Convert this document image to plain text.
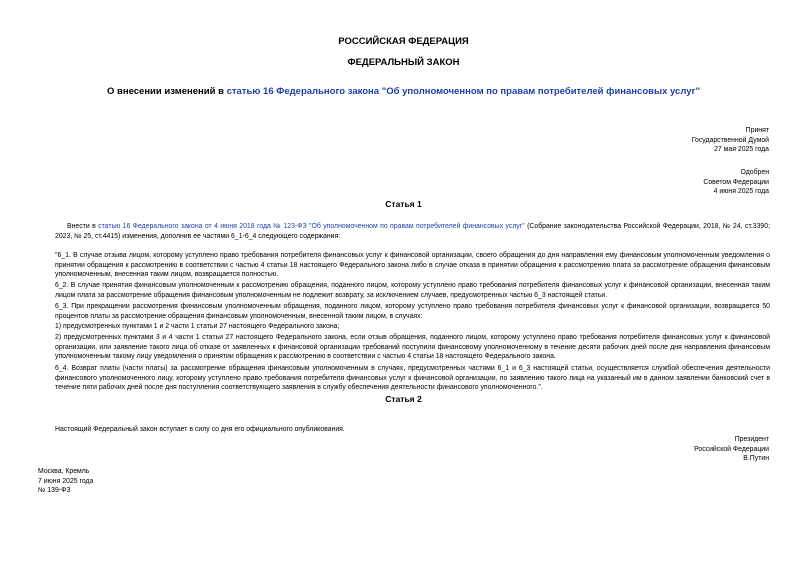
РОССИЙСКАЯ ФЕДЕРАЦИЯ
ФЕДЕРАЛЬНЫЙ ЗАКОН
О внесении изменений в статью 16 Федерального закона "Об уполномоченном по правам потребителей финансовых услуг"
Принят
Государственной Думой
27 мая 2025 года
Одобрен
Советом Федерации
4 июня 2025 года
Статья 1
Внести в статью 16 Федерального закона от 4 июня 2018 года № 123-ФЗ "Об уполномоченном по правам потребителей финансовых услуг" (Собрание законодательства Российской Федерации, 2018, № 24, ст.3390; 2023, № 25, ст.4415) изменения, дополнив ее частями 6_1-6_4 следующего содержания:
"6_1. В случае отзыва лицом, которому уступлено право требования потребителя финансовых услуг к финансовой организации, своего обращения до дня направления ему финансовым уполномоченным уведомления о принятии обращения к рассмотрению в соответствии с частью 4 статьи 18 настоящего Федерального закона либо в случае отказа в принятии обращения к рассмотрению плата за рассмотрение обращения финансовым уполномоченным, внесенная таким лицом, возвращается полностью.
6_2. В случае принятия финансовым уполномоченным к рассмотрению обращения, поданного лицом, которому уступлено право требования потребителя финансовых услуг к финансовой организации, внесенная таким лицом плата за рассмотрение обращения финансовым уполномоченным не подлежит возврату, за исключением случаев, предусмотренных частью 6_3 настоящей статьи.
6_3. При прекращении рассмотрения финансовым уполномоченным обращения, поданного лицом, которому уступлено право требования потребителя финансовых услуг к финансовой организации, возвращается 50 процентов платы за рассмотрение обращения финансовым уполномоченным, внесенной таким лицом, в случаях:
1) предусмотренных пунктами 1 и 2 части 1 статьи 27 настоящего Федерального закона;
2) предусмотренных пунктами 3 и 4 части 1 статьи 27 настоящего Федерального закона, если отзыв обращения, поданного лицом, которому уступлено право требования потребителя финансовых услуг к финансовой организации, или заявление такого лица об отказе от заявленных к финансовой организации требований поступили финансовому уполномоченному в течение десяти рабочих дней после дня направления финансовым уполномоченным такому лицу уведомления о принятии обращения к рассмотрению в соответствии с частью 4 статьи 18 настоящего Федерального закона.
6_4. Возврат платы (части платы) за рассмотрение обращения финансовым уполномоченным в случаях, предусмотренных частями 6_1 и 6_3 настоящей статьи, осуществляется службой обеспечения деятельности финансового уполномоченного лицу, которому уступлено право требования потребителя финансовых услуг к финансовой организации, по заявлению такого лица на указанный им в данном заявлении банковский счет в течение пяти рабочих дней после дня поступления соответствующего заявления в службу обеспечения деятельности финансового уполномоченного.".
Статья 2
Настоящий Федеральный закон вступает в силу со дня его официального опубликования.
Президент
Российской Федерации
В.Путин
Москва, Кремль
7 июня 2025 года
№ 139-ФЗ
